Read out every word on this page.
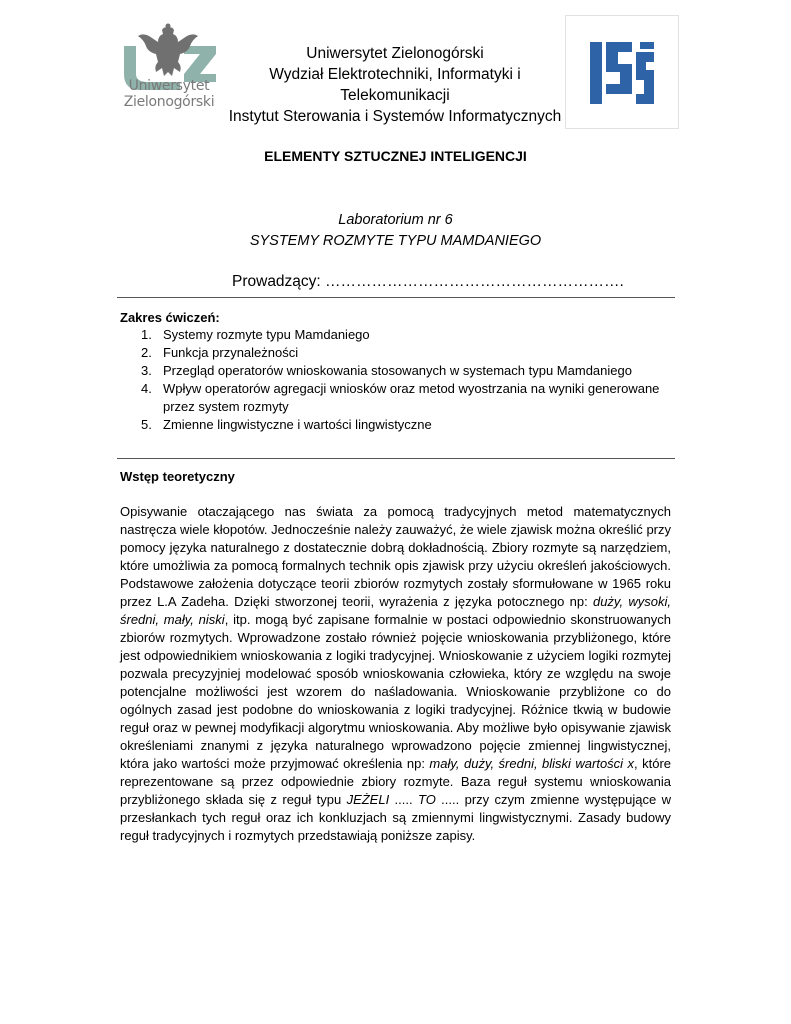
Uniwersytet
Zielonogórski
Uniwersytet Zielonogórski
Wydział Elektrotechniki, Informatyki i
Telekomunikacji
Instytut Sterowania i Systemów Informatycznych
ELEMENTY SZTUCZNEJ INTELIGENCJI
Laboratorium nr 6
SYSTEMY ROZMYTE TYPU MAMDANIEGO
Prowadzący: ………………………………………………….
Zakres ćwiczeń:
1. Systemy rozmyte typu Mamdaniego
2. Funkcja przynależności
3. Przegląd operatorów wnioskowania stosowanych w systemach typu Mamdaniego
4. Wpływ operatorów agregacji wniosków oraz metod wyostrzania na wyniki generowane przez system rozmyty
5. Zmienne lingwistyczne i wartości lingwistyczne
Wstęp teoretyczny

Opisywanie otaczającego nas świata za pomocą tradycyjnych metod matematycznych nastręcza wiele kłopotów. Jednocześnie należy zauważyć, że wiele zjawisk można określić przy pomocy języka naturalnego z dostatecznie dobrą dokładnością. Zbiory rozmyte są narzędziem, które umożliwia za pomocą formalnych technik opis zjawisk przy użyciu określeń jakościowych. Podstawowe założenia dotyczące teorii zbiorów rozmytych zostały sformułowane w 1965 roku przez L.A Zadeha. Dzięki stworzonej teorii, wyrażenia z języka potocznego np: duży, wysoki, średni, mały, niski, itp. mogą być zapisane formalnie w postaci odpowiednio skonstruowanych zbiorów rozmytych. Wprowadzone zostało również pojęcie wnioskowania przybliżonego, które jest odpowiednikiem wnioskowania z logiki tradycyjnej. Wnioskowanie z użyciem logiki rozmytej pozwala precyzyjniej modelować sposób wnioskowania człowieka, który ze względu na swoje potencjalne możliwości jest wzorem do naśladowania. Wnioskowanie przybliżone co do ogólnych zasad jest podobne do wnioskowania z logiki tradycyjnej. Różnice tkwią w budowie reguł oraz w pewnej modyfikacji algorytmu wnioskowania. Aby możliwe było opisywanie zjawisk określeniami znanymi z języka naturalnego wprowadzono pojęcie zmiennej lingwistycznej, która jako wartości może przyjmować określenia np: mały, duży, średni, bliski wartości x, które reprezentowane są przez odpowiednie zbiory rozmyte. Baza reguł systemu wnioskowania przybliżonego składa się z reguł typu JEŻELI ..... TO ..... przy czym zmienne występujące w przesłankach tych reguł oraz ich konkluzjach są zmiennymi lingwistycznymi. Zasady budowy reguł tradycyjnych i rozmytych przedstawiają poniższe zapisy.
